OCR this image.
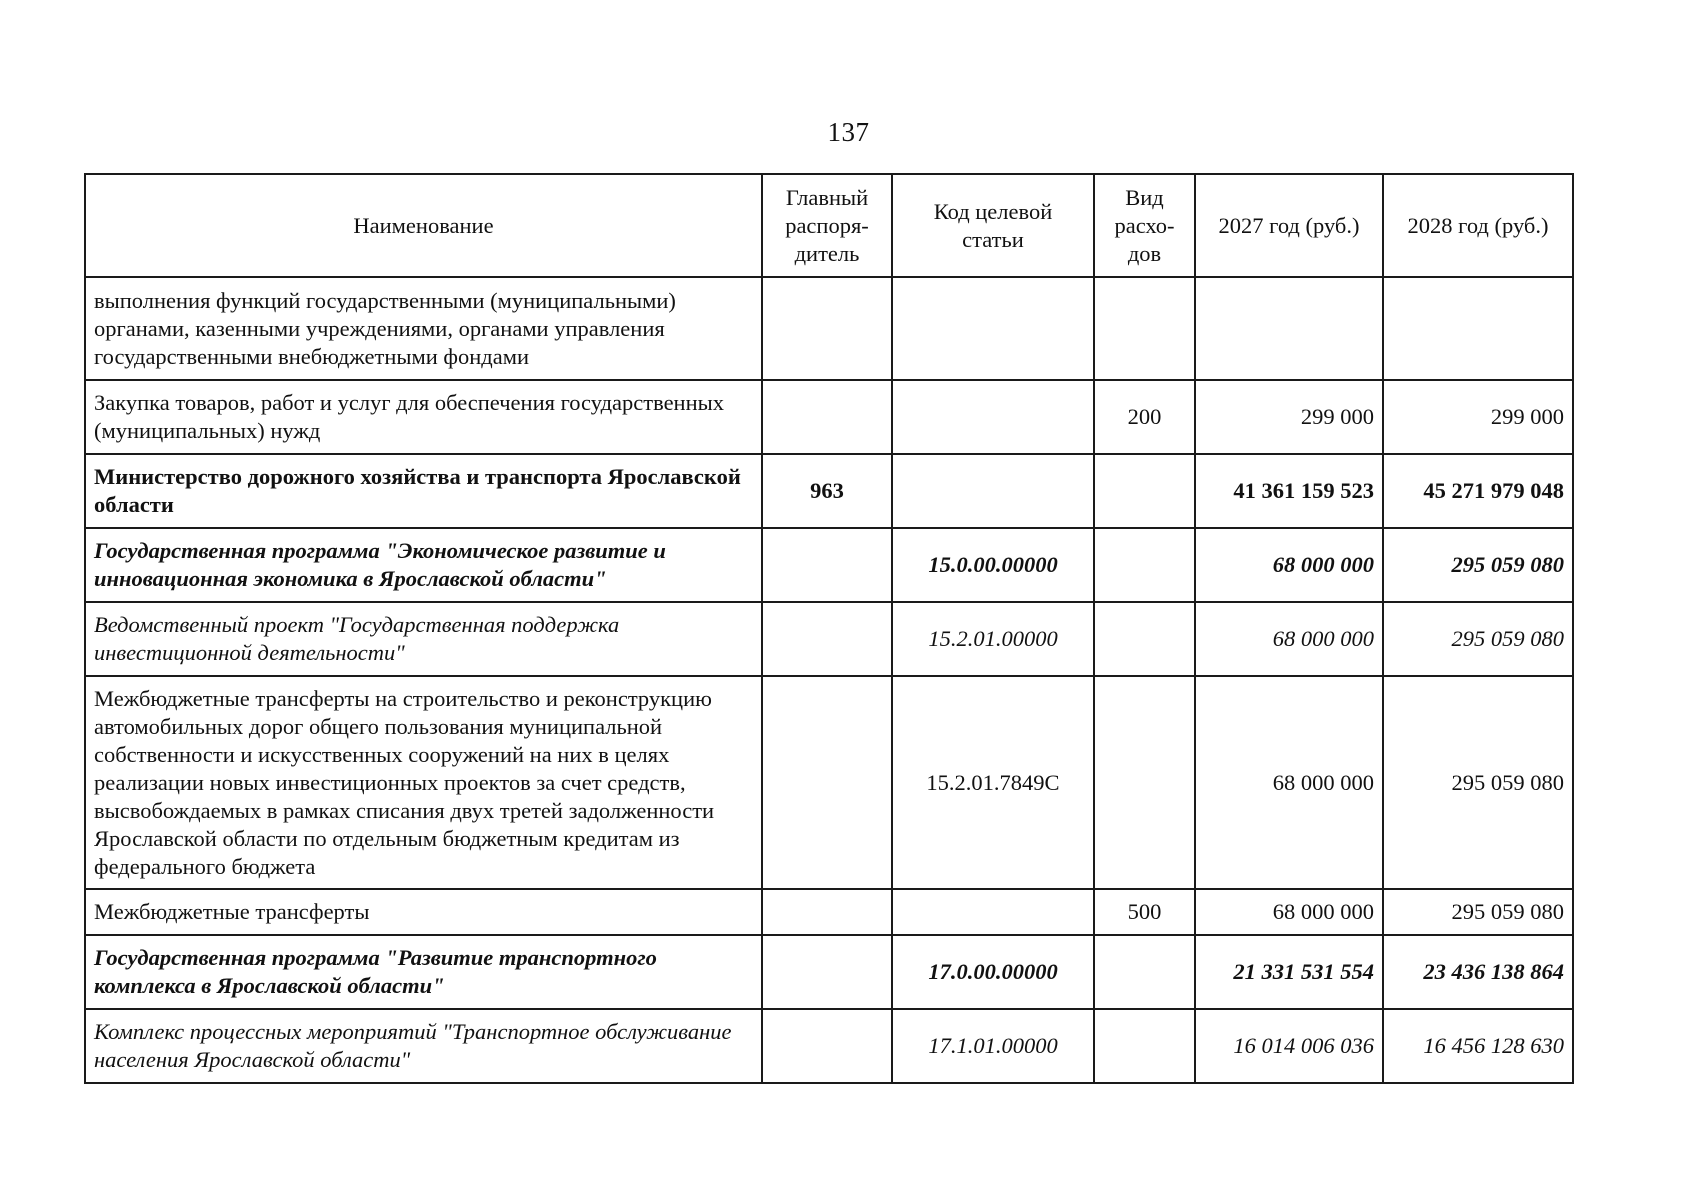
137
Наименование	Главный распоря-дитель	Код целевой статьи	Вид расхо-дов	2027 год (руб.)	2028 год (руб.)
выполнения функций государственными (муниципальными) органами, казенными учреждениями, органами управления государственными внебюджетными фондами					
Закупка товаров, работ и услуг для обеспечения государственных (муниципальных) нужд			200	299 000	299 000
Министерство дорожного хозяйства и транспорта Ярославской области	963			41 361 159 523	45 271 979 048
Государственная программа "Экономическое развитие и инновационная экономика в Ярославской области"		15.0.00.00000		68 000 000	295 059 080
Ведомственный проект "Государственная поддержка инвестиционной деятельности"		15.2.01.00000		68 000 000	295 059 080
Межбюджетные трансферты на строительство и реконструкцию автомобильных дорог общего пользования муниципальной собственности и искусственных сооружений на них в целях реализации новых инвестиционных проектов за счет средств, высвобождаемых в рамках списания двух третей задолженности Ярославской области по отдельным бюджетным кредитам из федерального бюджета		15.2.01.7849С		68 000 000	295 059 080
Межбюджетные трансферты			500	68 000 000	295 059 080
Государственная программа "Развитие транспортного комплекса в Ярославской области"		17.0.00.00000		21 331 531 554	23 436 138 864
Комплекс процессных мероприятий "Транспортное обслуживание населения Ярославской области"		17.1.01.00000		16 014 006 036	16 456 128 630
